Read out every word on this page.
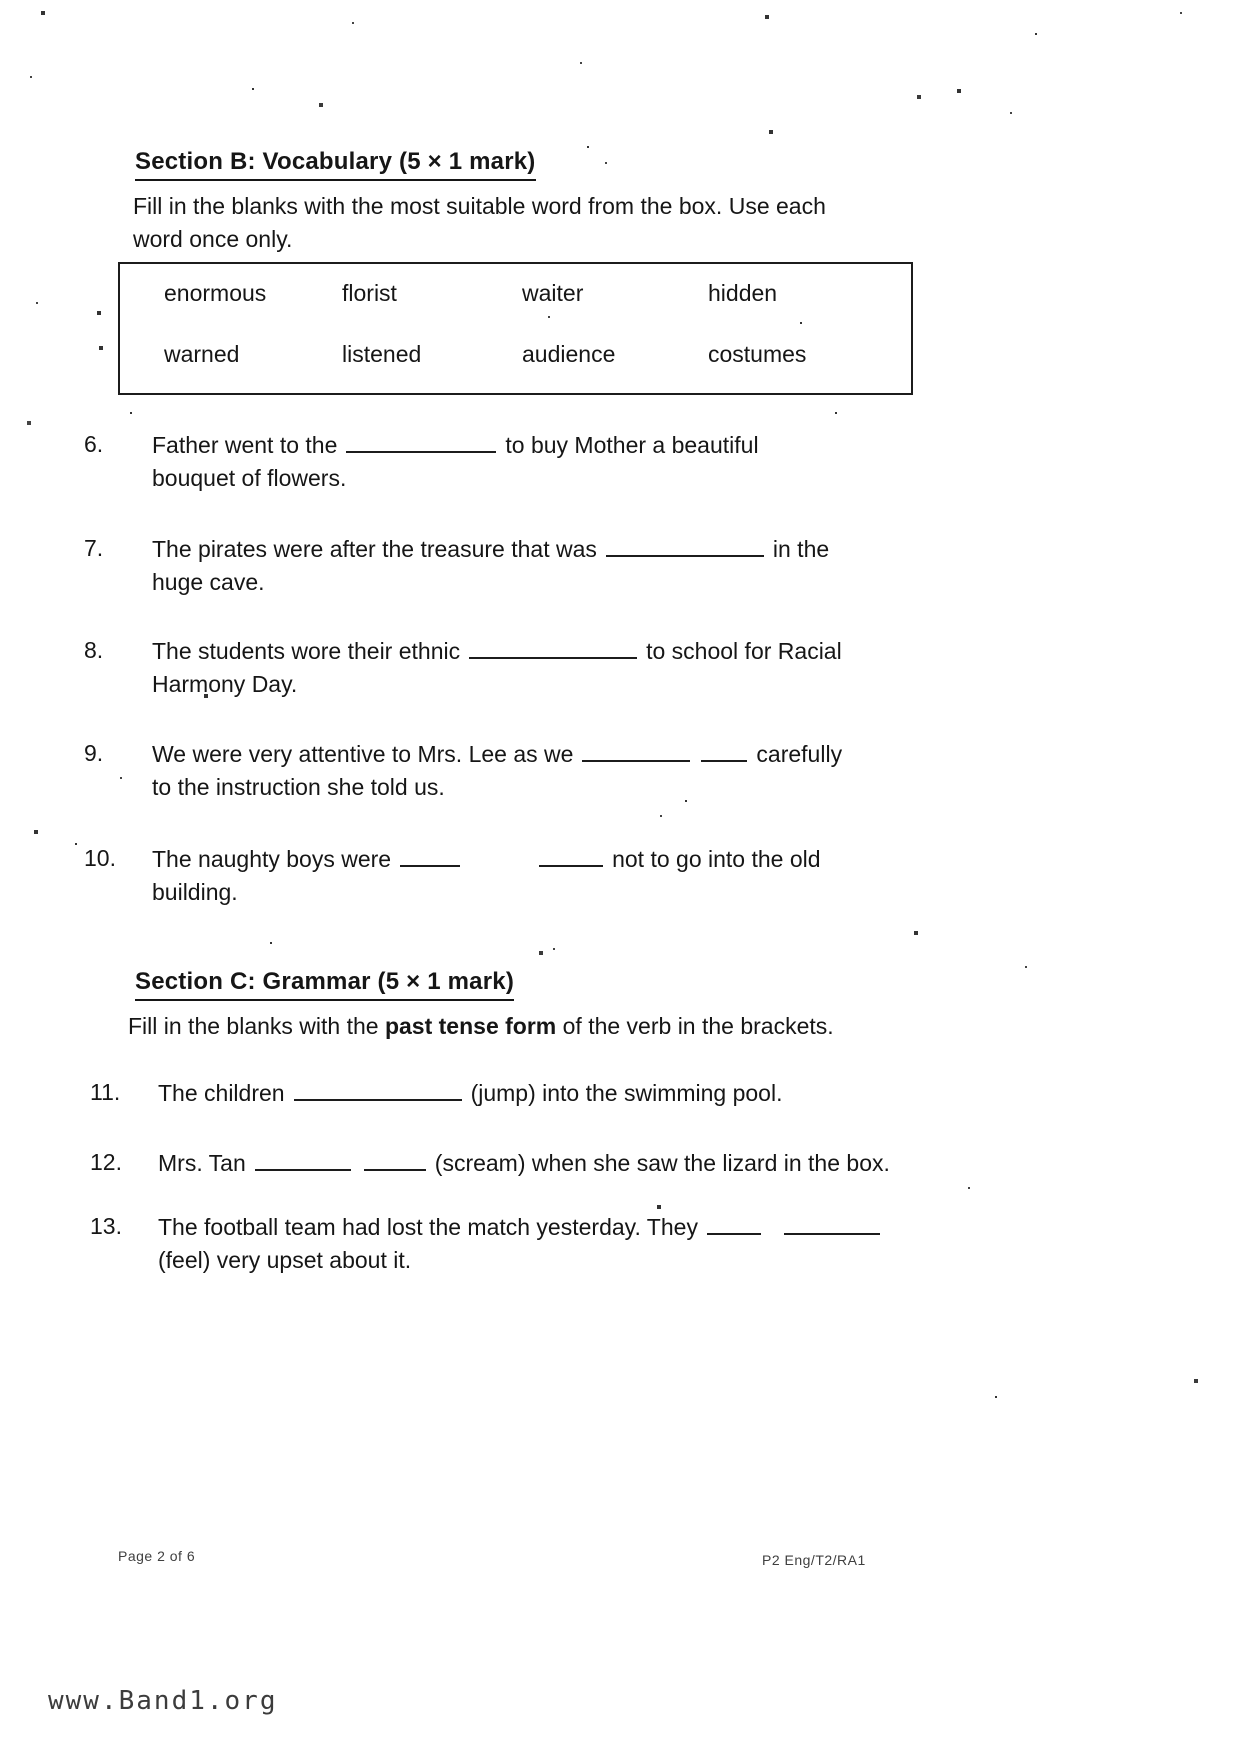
Section B: Vocabulary (5 × 1 mark)
Fill in the blanks with the most suitable word from the box. Use each
word once only.
enormous	florist	waiter	hidden
warned	listened	audience	costumes
6.	Father went to the	to buy Mother a beautiful
bouquet of flowers.
7.	The pirates were after the treasure that was	in the
huge cave.
8.	The students wore their ethnic	to school for Racial
Harmony Day.
9.	We were very attentive to Mrs. Lee as we	carefully
to the instruction she told us.
10.	The naughty boys were	not to go into the old
building.
Section C: Grammar (5 × 1 mark)
Fill in the blanks with the past tense form of the verb in the brackets.
11.	The children	(jump) into the swimming pool.
12.	Mrs. Tan	(scream) when she saw the lizard in the box.
13.	The football team had lost the match yesterday. They
(feel) very upset about it.
Page 2 of 6	P2 Eng/T2/RA1
www.Band1.org
